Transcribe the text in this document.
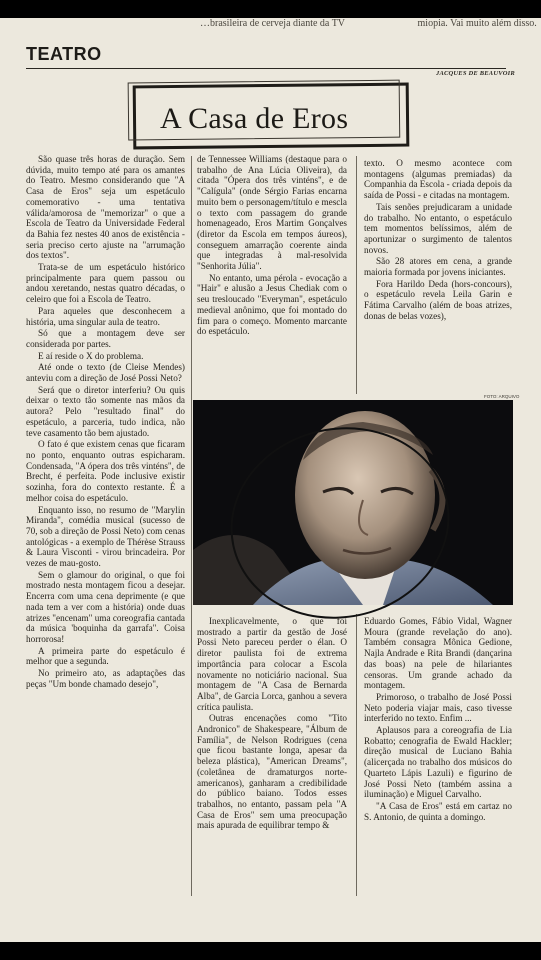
…brasileira de cerveja diante da TV	miopia. Vai muito além disso.
TEATRO
JACQUES DE BEAUVOIR
A Casa de Eros

São quase três horas de duração. Sem dúvida, muito tempo até para os amantes do Teatro. Mesmo considerando que "A Casa de Eros" seja um espetáculo comemorativo - uma tentativa válida/amorosa de "memorizar" o que a Escola de Teatro da Universidade Federal da Bahia fez nestes 40 anos de existência - seria preciso certo ajuste na "arrumação dos textos".

Trata-se de um espetáculo histórico principalmente para quem passou ou andou xeretando, nestas quatro décadas, o celeiro que foi a Escola de Teatro.

Para aqueles que desconhecem a história, uma singular aula de teatro.

Só que a montagem deve ser considerada por partes.

E aí reside o X do problema.

Até onde o texto (de Cleise Mendes) anteviu com a direção de José Possi Neto?

Será que o diretor interferiu? Ou quis deixar o texto tão somente nas mãos da autora? Pelo "resultado final" do espetáculo, a parceria, tudo indica, não teve casamento tão bem ajustado.

O fato é que existem cenas que ficaram no ponto, enquanto outras espicharam. Condensada, "A ópera dos três vinténs", de Brecht, é perfeita. Pode inclusive existir sozinha, fora do contexto restante. É a melhor coisa do espetáculo.

Enquanto isso, no resumo de "Marylin Miranda", comédia musical (sucesso de 70, sob a direção de Possi Neto) com cenas antológicas - a exemplo de Thérèse Strauss & Laura Visconti - virou brincadeira. Por vezes de mau-gosto.

Sem o glamour do original, o que foi mostrado nesta montagem ficou a desejar. Encerra com uma cena deprimente (e que nada tem a ver com a história) onde duas atrizes "encenam" uma coreografia cantada da música 'boquinha da garrafa". Coisa horrorosa!

A primeira parte do espetáculo é melhor que a segunda.

No primeiro ato, as adaptações das peças "Um bonde chamado desejo",

de Tennessee Williams (destaque para o trabalho de Ana Lúcia Oliveira), da citada "Ópera dos três vinténs", e de "Calígula" (onde Sérgio Farias encarna muito bem o personagem/título e mescla o texto com passagem do grande homenageado, Eros Martim Gonçalves (diretor da Escola em tempos áureos), conseguem amarração coerente ainda que integradas à mal-resolvida "Senhorita Júlia".

No entanto, uma pérola - evocação a "Hair" e alusão a Jesus Chediak com o seu tresloucado "Everyman", espetáculo medieval anônimo, que foi montado do fim para o começo. Momento marcante do espetáculo.

texto. O mesmo acontece com montagens (algumas premiadas) da Companhia da Escola - criada depois da saída de Possi - e citadas na montagem.

Tais senões prejudicaram a unidade do trabalho. No entanto, o espetáculo tem momentos belíssimos, além de aportunizar o surgimento de talentos novos.

São 28 atores em cena, a grande maioria formada por jovens iniciantes.

Fora Harildo Deda (hors-concours), o espetáculo revela Leila Garin e Fátima Carvalho (além de boas atrizes, donas de belas vozes),

FOTO: ARQUIVO

Inexplicavelmente, o que foi mostrado a partir da gestão de José Possi Neto pareceu perder o élan. O diretor paulista foi de extrema importância para colocar a Escola novamente no noticiário nacional. Sua montagem de "A Casa de Bernarda Alba", de Garcia Lorca, ganhou a severa crítica paulista.

Outras encenações como "Tito Andronico" de Shakespeare, "Álbum de Família", de Nelson Rodrigues (cena que ficou bastante longa, apesar da beleza plástica), "American Dreams", (coletânea de dramaturgos norte-americanos), ganharam a credibilidade do público baiano. Todos esses trabalhos, no entanto, passam pela "A Casa de Eros" sem uma preocupação mais apurada de equilibrar tempo &

Eduardo Gomes, Fábio Vidal, Wagner Moura (grande revelação do ano). Também consagra Mônica Gedione, Najla Andrade e Rita Brandi (dançarina das boas) na pele de hilariantes censoras. Um grande achado da montagem.

Primoroso, o trabalho de José Possi Neto poderia viajar mais, caso tivesse interferido no texto. Enfim ...

Aplausos para a coreografia de Lia Robatto; cenografia de Ewald Hackler; direção musical de Luciano Bahia (alicerçada no trabalho dos músicos do Quarteto Lápis Lazuli) e figurino de José Possi Neto (também assina a iluminação) e Miguel Carvalho.

"A Casa de Eros" está em cartaz no S. Antonio, de quinta a domingo.
